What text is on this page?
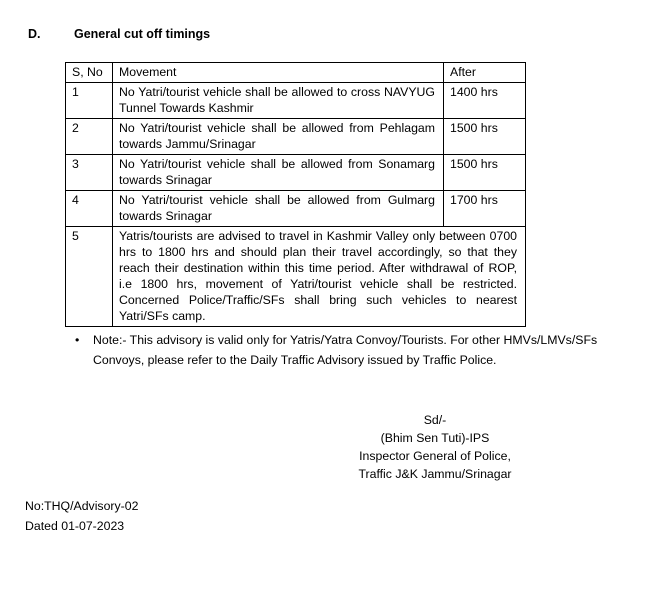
D.	General cut off timings
S, No	Movement	After
1	No Yatri/tourist vehicle shall be allowed to cross NAVYUG Tunnel Towards Kashmir	1400 hrs
2	No Yatri/tourist vehicle shall be allowed from Pehlagam towards Jammu/Srinagar	1500 hrs
3	No Yatri/tourist vehicle shall be allowed from Sonamarg towards Srinagar	1500 hrs
4	No Yatri/tourist vehicle shall be allowed from Gulmarg towards Srinagar	1700 hrs
5	Yatris/tourists are advised to travel in Kashmir Valley only between 0700 hrs to 1800 hrs and should plan their travel accordingly, so that they reach their destination within this time period. After withdrawal of ROP, i.e 1800 hrs, movement of Yatri/tourist vehicle shall be restricted. Concerned Police/Traffic/SFs shall bring such vehicles to nearest Yatri/SFs camp.	
•	Note:- This advisory is valid only for Yatris/Yatra Convoy/Tourists. For other HMVs/LMVs/SFs Convoys, please refer to the Daily Traffic Advisory issued by Traffic Police.
Sd/-
(Bhim Sen Tuti)-IPS
Inspector General of Police,
Traffic J&K Jammu/Srinagar
No:THQ/Advisory-02
Dated 01-07-2023
